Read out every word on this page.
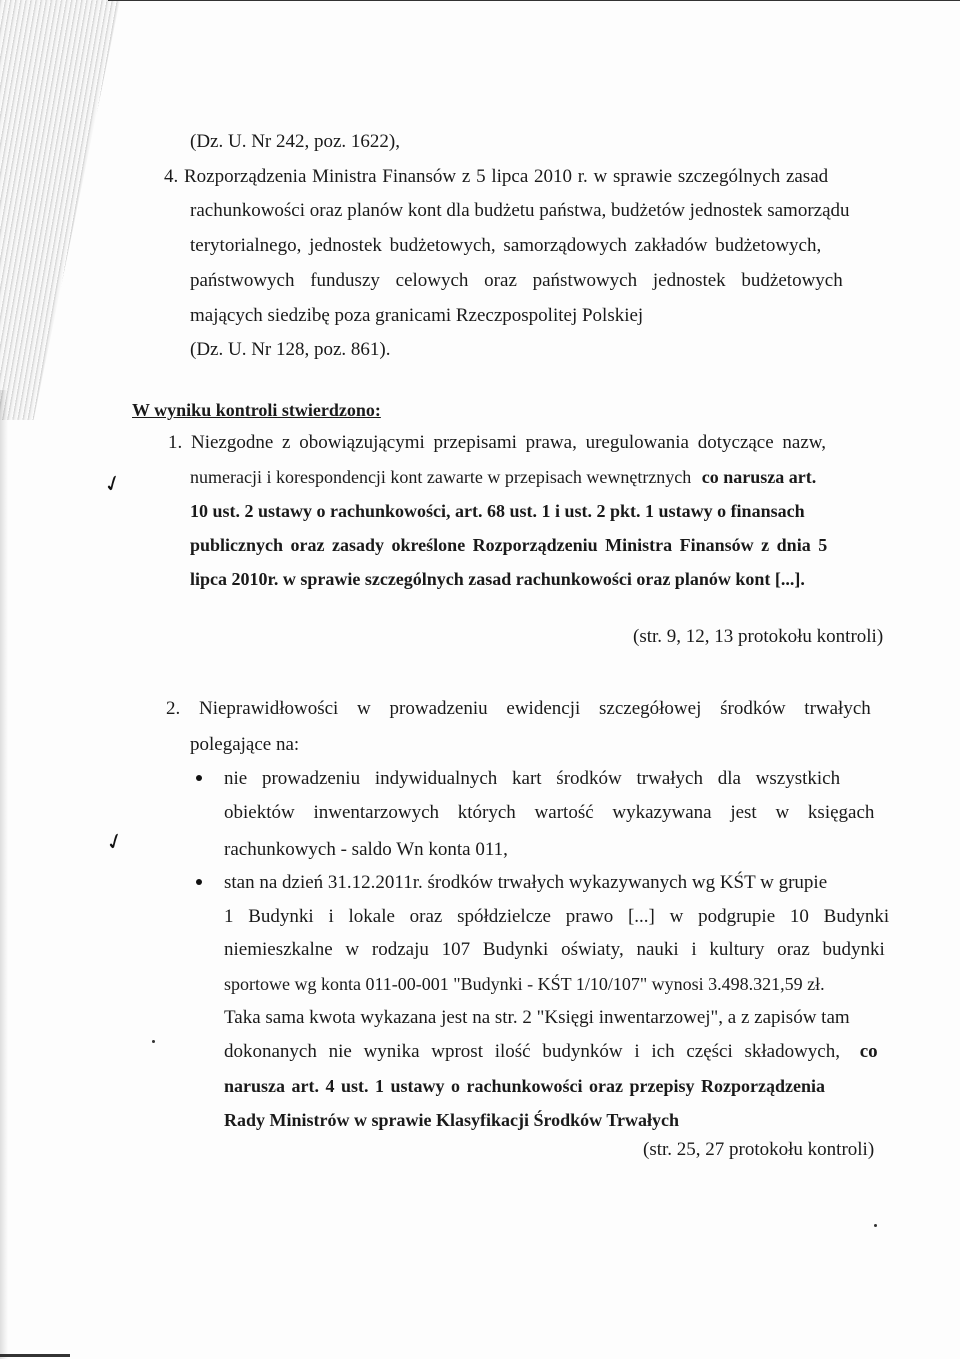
✓
✓
(Dz. U. Nr 242, poz. 1622),
4. Rozporządzenia Ministra Finansów z 5 lipca 2010 r. w sprawie szczególnych zasad
rachunkowości oraz planów kont dla budżetu państwa, budżetów jednostek samorządu
terytorialnego, jednostek budżetowych, samorządowych zakładów budżetowych,
państwowych funduszy celowych oraz państwowych jednostek budżetowych
mających siedzibę poza granicami Rzeczpospolitej Polskiej
(Dz. U. Nr 128, poz. 861).
W wyniku kontroli stwierdzono:
1. Niezgodne z obowiązującymi przepisami prawa, uregulowania dotyczące nazw,
numeracji i korespondencji kont zawarte w przepisach wewnętrznych co narusza art.
10 ust. 2 ustawy o rachunkowości, art. 68 ust. 1 i ust. 2 pkt. 1 ustawy o finansach
publicznych oraz zasady określone Rozporządzeniu Ministra Finansów z dnia 5
lipca 2010r. w sprawie szczególnych zasad rachunkowości oraz planów kont [...].
(str. 9, 12, 13 protokołu kontroli)
2. Nieprawidłowości w prowadzeniu ewidencji szczegółowej środków trwałych
polegające na:
nie prowadzeniu indywidualnych kart środków trwałych dla wszystkich
obiektów inwentarzowych których wartość wykazywana jest w księgach
rachunkowych - saldo Wn konta 011,
stan na dzień 31.12.2011r. środków trwałych wykazywanych wg KŚT w grupie
1 Budynki i lokale oraz spółdzielcze prawo [...] w podgrupie 10 Budynki
niemieszkalne w rodzaju 107 Budynki oświaty, nauki i kultury oraz budynki
sportowe wg konta 011-00-001 "Budynki - KŚT 1/10/107" wynosi 3.498.321,59 zł.
Taka sama kwota wykazana jest na str. 2 "Księgi inwentarzowej", a z zapisów tam
dokonanych nie wynika wprost ilość budynków i ich części składowych, co
narusza art. 4 ust. 1 ustawy o rachunkowości oraz przepisy Rozporządzenia
Rady Ministrów w sprawie Klasyfikacji Środków Trwałych
(str. 25, 27 protokołu kontroli)
